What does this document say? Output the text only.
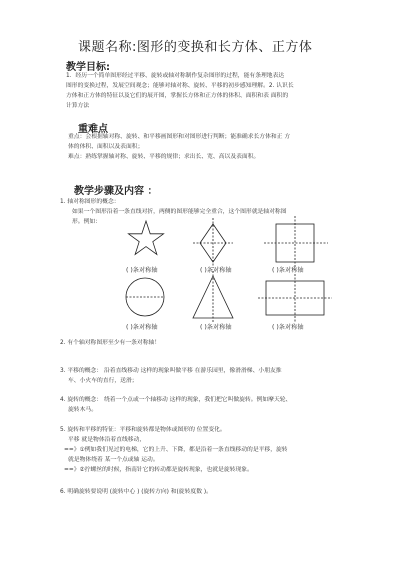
课题名称:图形的变换和长方体、正方体
教学目标:
1．经历一个简单图形经过平移、旋转或轴对称制作复杂图形的过程，能有条理地表达
图形的变换过程，发展空间观念；能够对轴对称、旋转、平移的初步感知理解。2. 认识长
方体和正方体的特征以及它们的展开图，掌握长方体和正方体的体积、面积和表 面积的
计算方法
重难点
重点：会根据轴对称、旋转、和平移画图形和对图形进行判断；能准确求长方体和正 方
体的体积、面积以及表面积；
难点：熟练掌握轴对称、旋转、平移的规律；求出长、宽、高以及表面积。
教学步骤及内容 ：
1. 轴对称图形的概念：
如果一个图形沿着一条直线对折，两侧的图形能够完全重合，这个图形就是轴对称图
形。例如：
( )条对称轴	( )条对称轴	( )条对称轴
( )条对称轴	( )条对称轴	( )条对称轴
2. 有个轴对称图形至少有一条对称轴！
3. 平移的概念： 沿着直线移动 这样的现象叫做平移 在游乐园里，像滑滑梯、小朋友推
车、小火车的直行，送滑；
4. 旋转的概念： 绕着一个点或一个轴移动 这样的现象，我们把它叫做旋转。例如摩天轮、
旋转木马。
5. 旋转和平移的特征：平移和旋转都是物体或图形的 位置变化。
平移 就是物体沿着直线移动，
==》①例如我们见过的电梯，它的上升、下降，都是沿着一条直线移动的是平移，旋转
就是物体绕着 某一个点或轴 运动。
==》②拧螺丝的时候，指南针它的转动都是旋转现象，也就是旋转现象。
6. 明确旋转要说明 (旋转中心 ) (旋转方向) 和(旋转度数 )。
